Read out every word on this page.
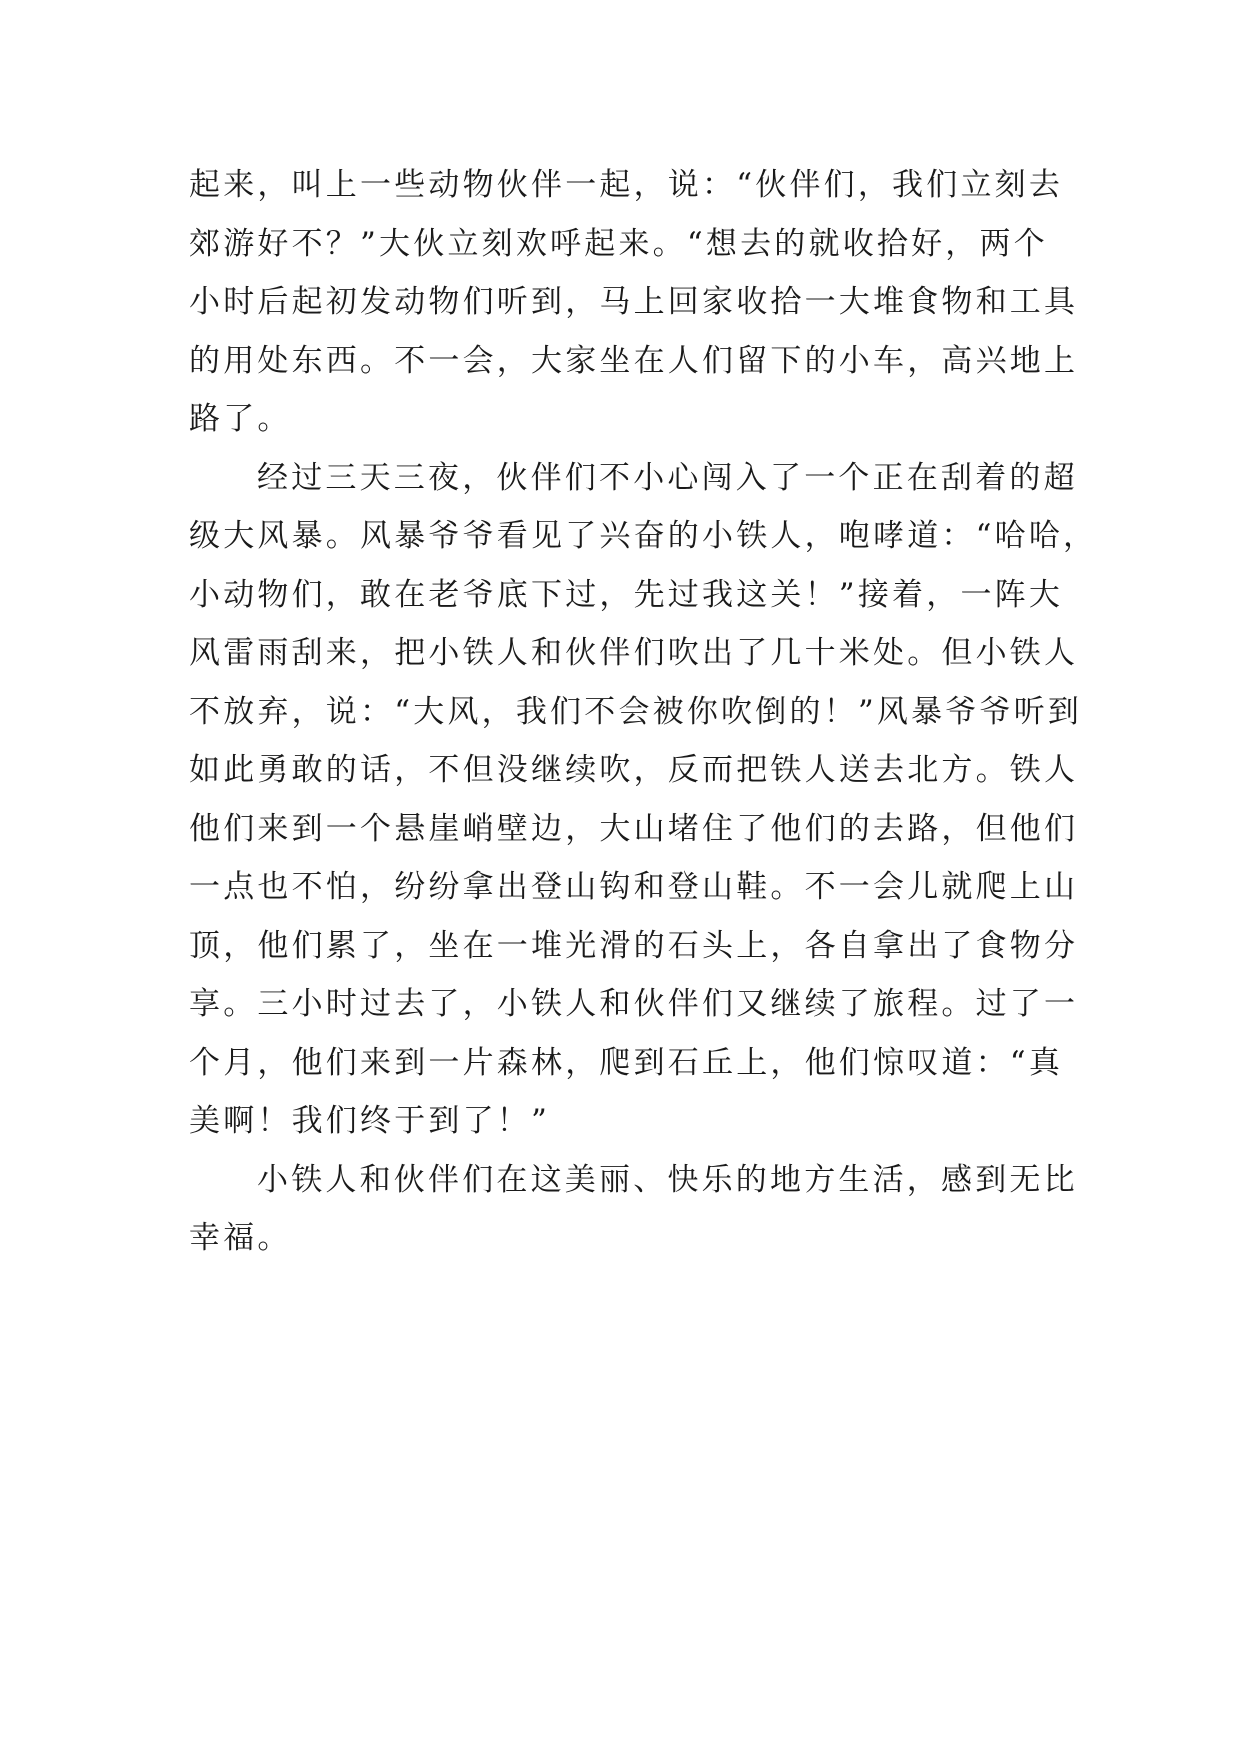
起来，叫上一些动物伙伴一起，说：“伙伴们，我们立刻去
郊游好不？”大伙立刻欢呼起来。“想去的就收拾好，两个
小时后起初发动物们听到，马上回家收拾一大堆食物和工具
的用处东西。不一会，大家坐在人们留下的小车，高兴地上
路了。
经过三天三夜，伙伴们不小心闯入了一个正在刮着的超
级大风暴。风暴爷爷看见了兴奋的小铁人，咆哮道：“哈哈，
小动物们，敢在老爷底下过，先过我这关！”接着，一阵大
风雷雨刮来，把小铁人和伙伴们吹出了几十米处。但小铁人
不放弃，说：“大风，我们不会被你吹倒的！”风暴爷爷听到
如此勇敢的话，不但没继续吹，反而把铁人送去北方。铁人
他们来到一个悬崖峭壁边，大山堵住了他们的去路，但他们
一点也不怕，纷纷拿出登山钩和登山鞋。不一会儿就爬上山
顶，他们累了，坐在一堆光滑的石头上，各自拿出了食物分
享。三小时过去了，小铁人和伙伴们又继续了旅程。过了一
个月，他们来到一片森林，爬到石丘上，他们惊叹道：“真
美啊！我们终于到了！”
小铁人和伙伴们在这美丽、快乐的地方生活，感到无比
幸福。
